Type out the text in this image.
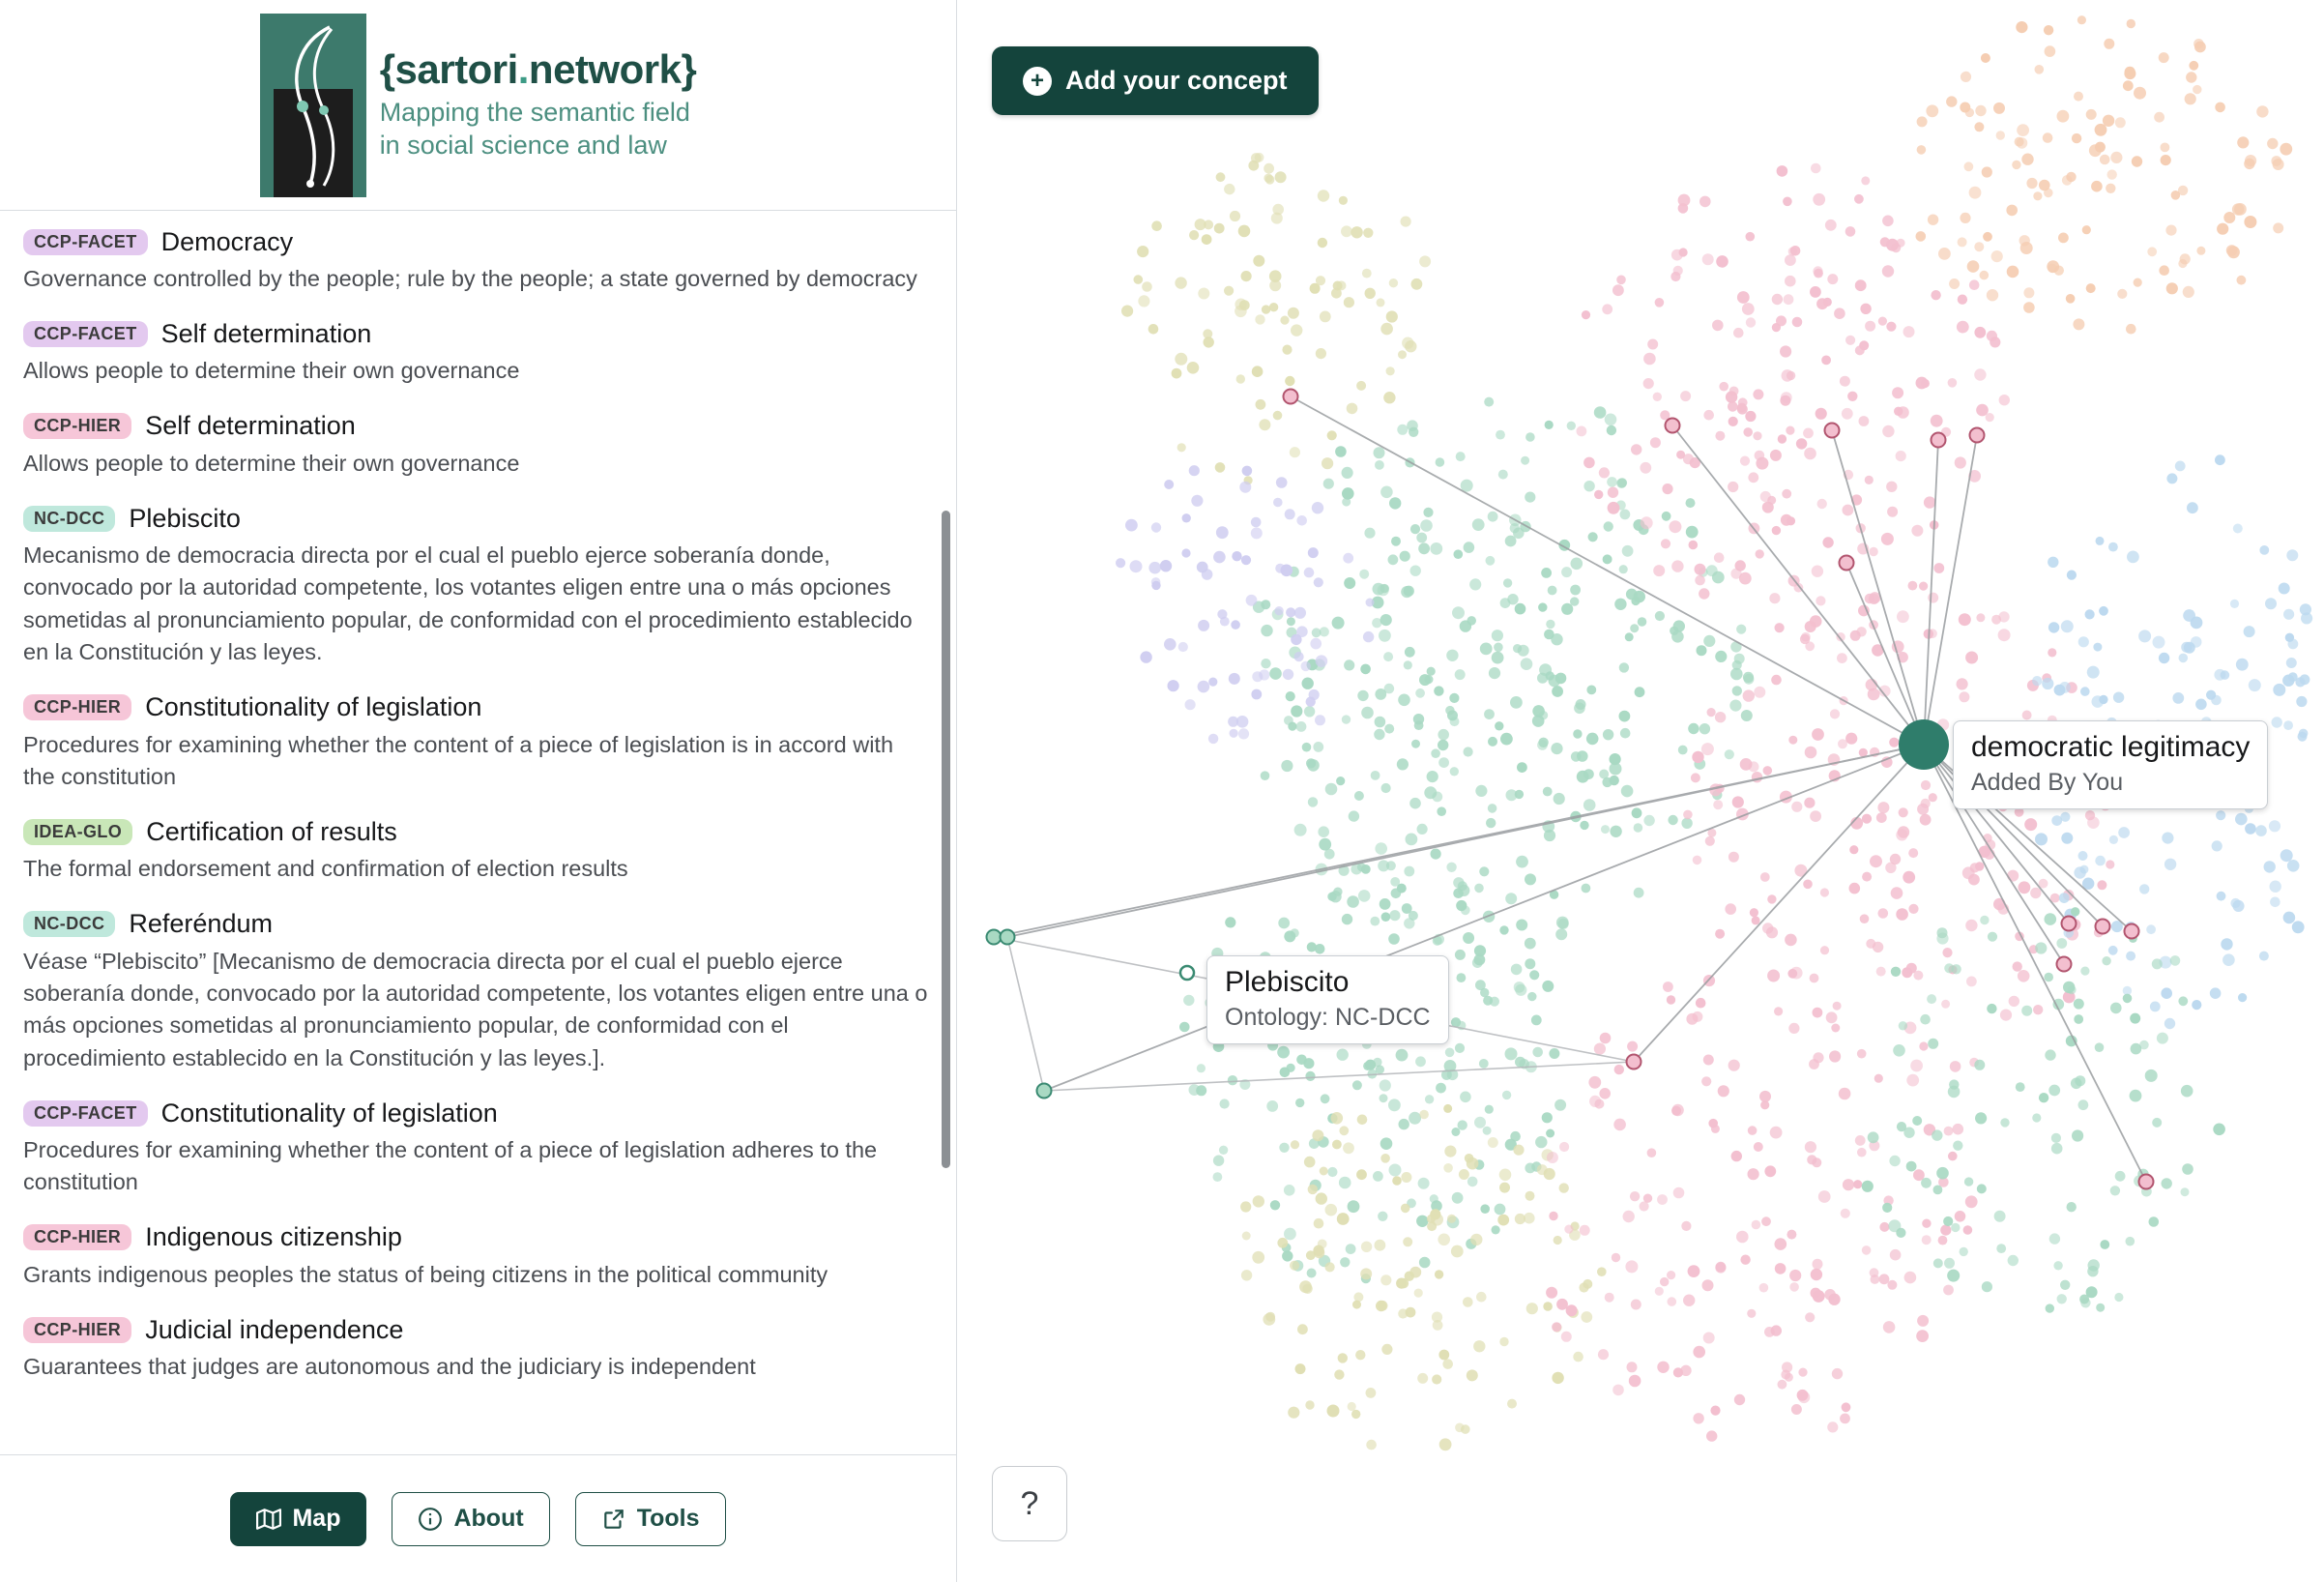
{sartori.network}
Mapping the semantic field
in social science and law
CCP-FACET Democracy
Governance controlled by the people; rule by the people; a state governed by democracy
CCP-FACET Self determination
Allows people to determine their own governance
CCP-HIER Self determination
Allows people to determine their own governance
NC-DCC Plebiscito
Mecanismo de democracia directa por el cual el pueblo ejerce soberanía donde, convocado por la autoridad competente, los votantes eligen entre una o más opciones sometidas al pronunciamiento popular, de conformidad con el procedimiento establecido en la Constitución y las leyes.
CCP-HIER Constitutionality of legislation
Procedures for examining whether the content of a piece of legislation is in accord with the constitution
IDEA-GLO Certification of results
The formal endorsement and confirmation of election results
NC-DCC Referéndum
Véase “Plebiscito” [Mecanismo de democracia directa por el cual el pueblo ejerce soberanía donde, convocado por la autoridad competente, los votantes eligen entre una o más opciones sometidas al pronunciamiento popular, de conformidad con el procedimiento establecido en la Constitución y las leyes.].
CCP-FACET Constitutionality of legislation
Procedures for examining whether the content of a piece of legislation adheres to the constitution
CCP-HIER Indigenous citizenship
Grants indigenous peoples the status of being citizens in the political community
CCP-HIER Judicial independence
Guarantees that judges are autonomous and the judiciary is independent
Map	About	Tools
+ Add your concept
democratic legitimacy
Added By You
Plebiscito
Ontology: NC-DCC
?
